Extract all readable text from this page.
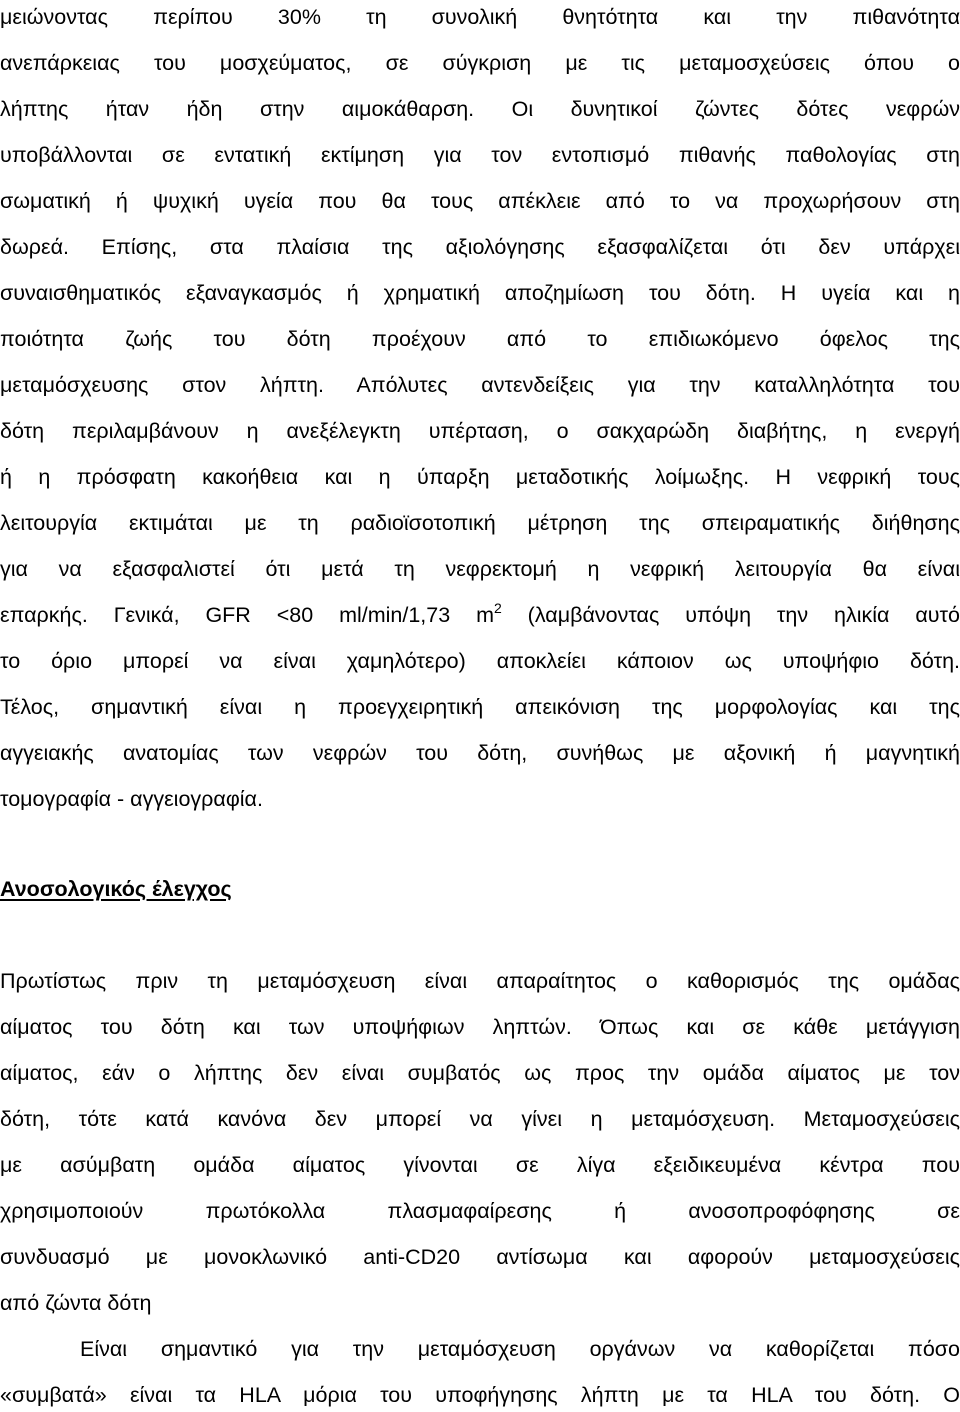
μειώνοντας περίπου 30% τη συνολική θνητότητα και την πιθανότητα
ανεπάρκειας του μοσχεύματος, σε σύγκριση με τις μεταμοσχεύσεις όπου ο
λήπτης ήταν ήδη στην αιμοκάθαρση. Οι δυνητικοί ζώντες δότες νεφρών
υποβάλλονται σε εντατική εκτίμηση για τον εντοπισμό πιθανής παθολογίας στη
σωματική ή ψυχική υγεία που θα τους απέκλειε από το να προχωρήσουν στη
δωρεά. Επίσης, στα πλαίσια της αξιολόγησης εξασφαλίζεται ότι δεν υπάρχει
συναισθηματικός εξαναγκασμός ή χρηματική αποζημίωση του δότη. Η υγεία και η
ποιότητα ζωής του δότη προέχουν από το επιδιωκόμενο όφελος της
μεταμόσχευσης στον λήπτη. Απόλυτες αντενδείξεις για την καταλληλότητα του
δότη περιλαμβάνουν η ανεξέλεγκτη υπέρταση, ο σακχαρώδη διαβήτης, η ενεργή
ή η πρόσφατη κακοήθεια και η ύπαρξη μεταδοτικής λοίμωξης. Η νεφρική τους
λειτουργία εκτιμάται με τη ραδιοϊσοτοπική μέτρηση της σπειραματικής διήθησης
για να εξασφαλιστεί ότι μετά τη νεφρεκτομή η νεφρική λειτουργία θα είναι
επαρκής. Γενικά, GFR <80 ml/min/1,73 $m^2$ (λαμβάνοντας υπόψη την ηλικία αυτό
το όριο μπορεί να είναι χαμηλότερο) αποκλείει κάποιον ως υποψήφιο δότη.
Τέλος, σημαντική είναι η προεγχειρητική απεικόνιση της μορφολογίας και της
αγγειακής ανατομίας των νεφρών του δότη, συνήθως με αξονική ή μαγνητική
τομογραφία - αγγειογραφία.
Ανοσολογικός έλεγχος
Πρωτίστως πριν τη μεταμόσχευση είναι απαραίτητος ο καθορισμός της ομάδας
αίματος του δότη και των υποψήφιων ληπτών. Όπως και σε κάθε μετάγγιση
αίματος, εάν ο λήπτης δεν είναι συμβατός ως προς την ομάδα αίματος με τον
δότη, τότε κατά κανόνα δεν μπορεί να γίνει η μεταμόσχευση. Μεταμοσχεύσεις
με ασύμβατη ομάδα αίματος γίνονται σε λίγα εξειδικευμένα κέντρα που
χρησιμοποιούν πρωτόκολλα πλασμαφαίρεσης ή ανοσοπροφόφησης σε
συνδυασμό με μονοκλωνικό anti-CD20 αντίσωμα και αφορούν μεταμοσχεύσεις
από ζώντα δότη
Είναι σημαντικό για την μεταμόσχευση οργάνων να καθορίζεται πόσο
«συμβατά» είναι τα HLA μόρια του υποφήγησης λήπτη με τα HLA του δότη. Ο
